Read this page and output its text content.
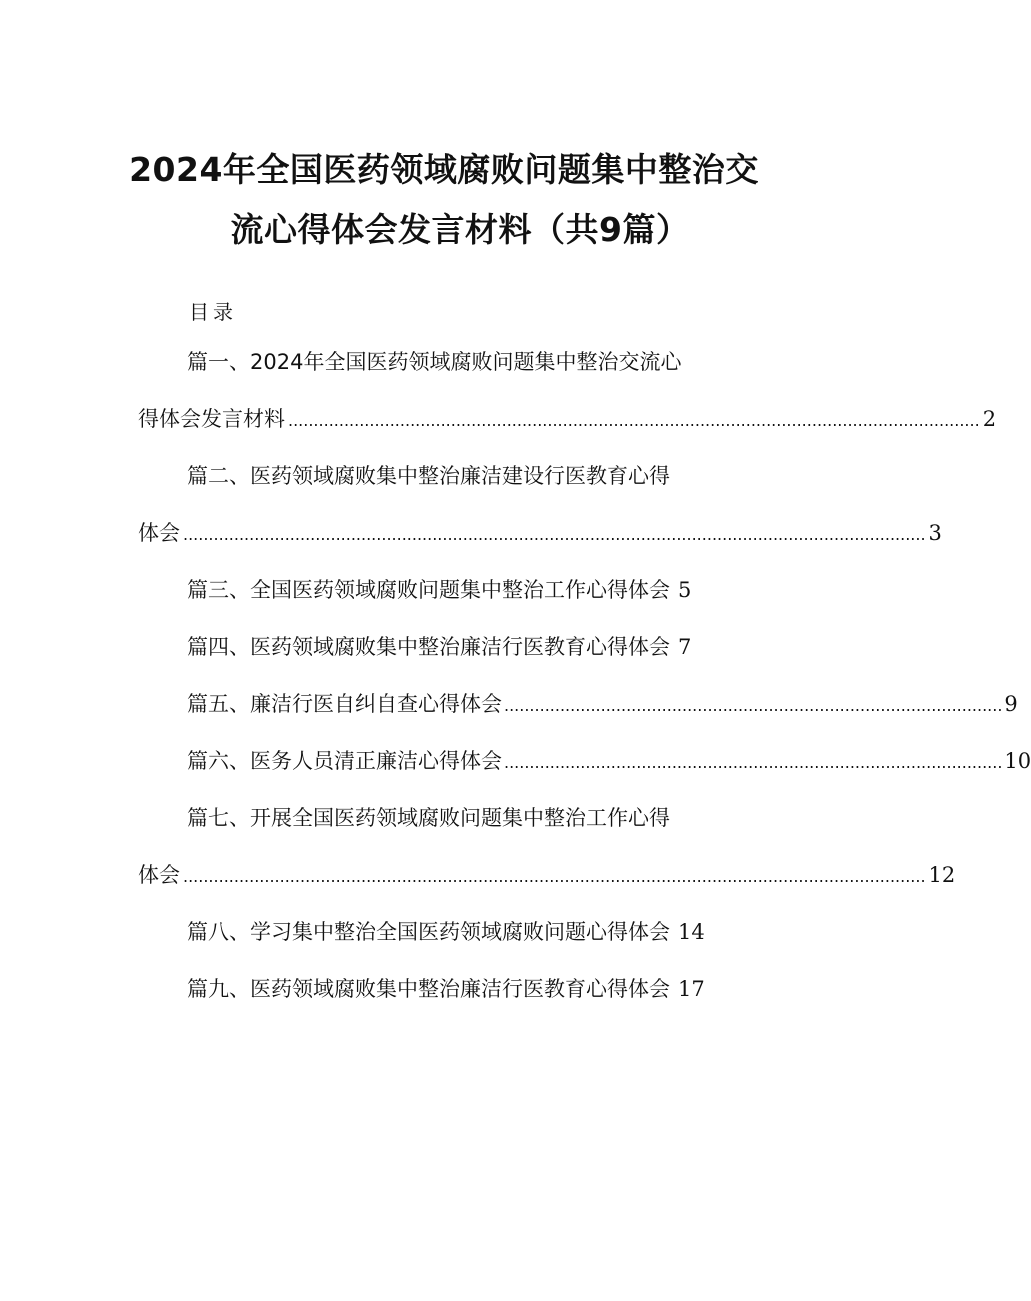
2024年全国医药领域腐败问题集中整治交
流心得体会发言材料（共9篇）
目录
篇一、2024年全国医药领域腐败问题集中整治交流心
得体会发言材料 ........................................................................................................................................ 2
篇二、医药领域腐败集中整治廉洁建设行医教育心得
体会 .................................................................................................................................................. 3
篇三、全国医药领域腐败问题集中整治工作心得体会 5
篇四、医药领域腐败集中整治廉洁行医教育心得体会 7
篇五、廉洁行医自纠自查心得体会 .................................................................................................. 9
篇六、医务人员清正廉洁心得体会 .................................................................................................. 10
篇七、开展全国医药领域腐败问题集中整治工作心得
体会 .................................................................................................................................................. 12
篇八、学习集中整治全国医药领域腐败问题心得体会 14
篇九、医药领域腐败集中整治廉洁行医教育心得体会 17
